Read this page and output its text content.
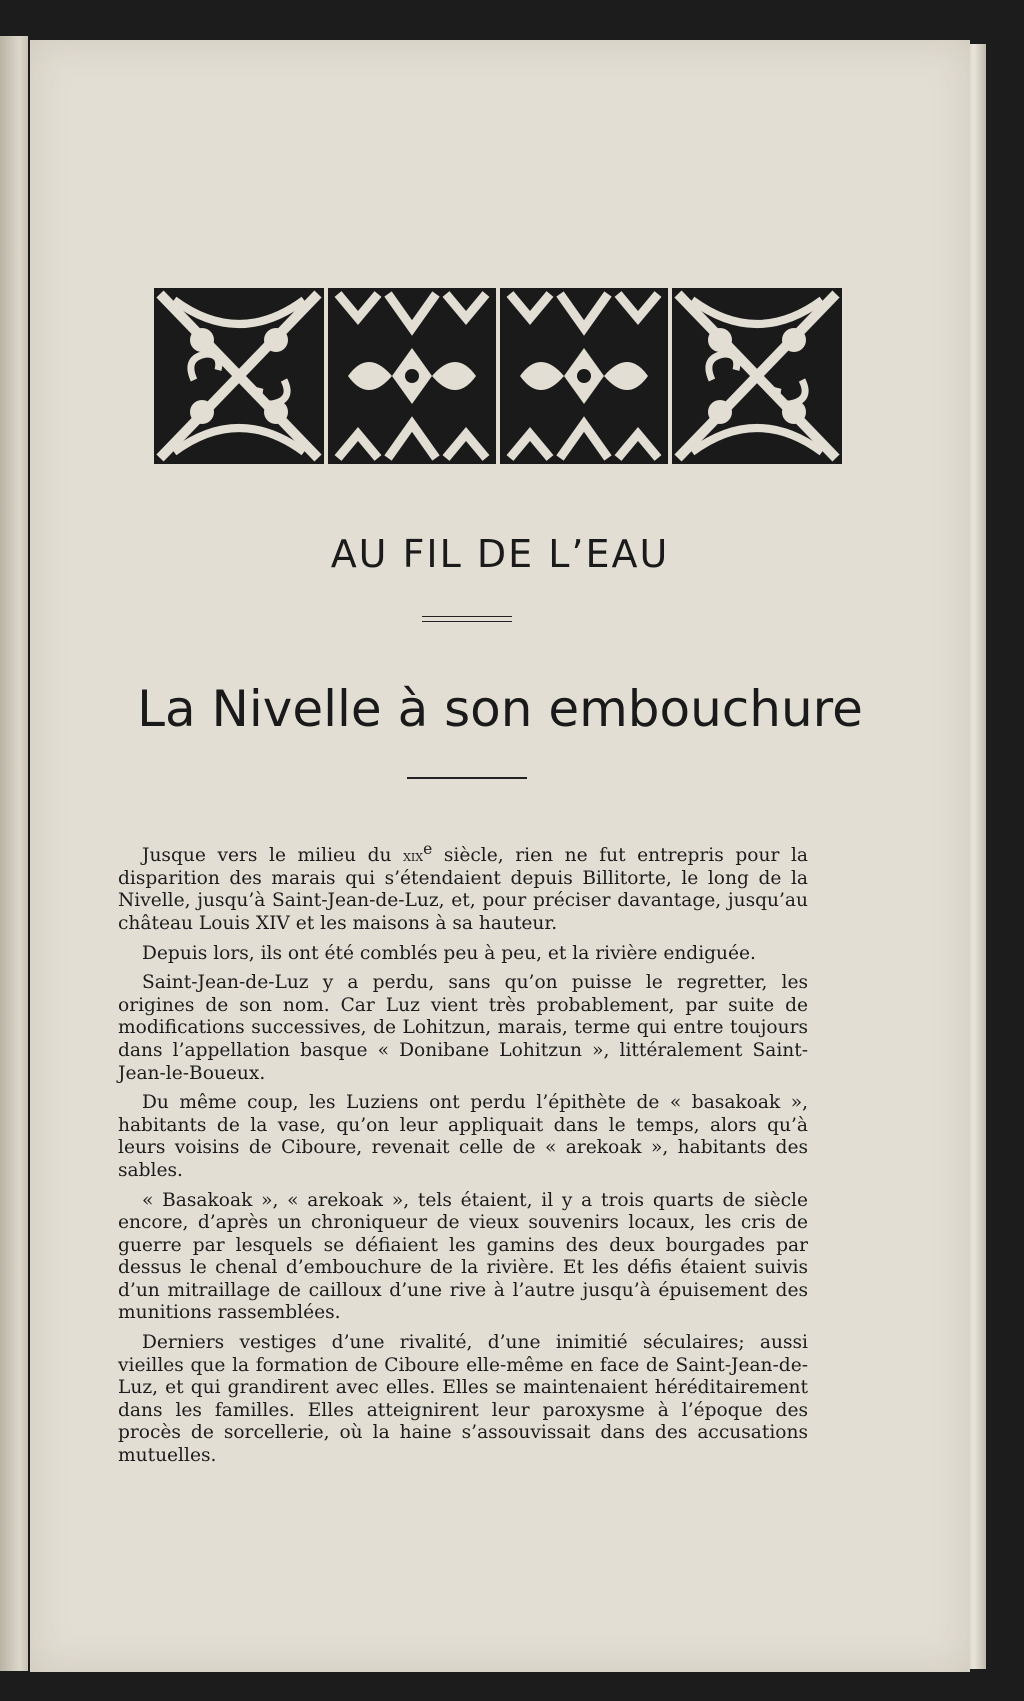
AU FIL DE L’EAU
La Nivelle à son embouchure

Jusque vers le milieu du xix$^e$ siècle, rien ne fut entrepris pour la disparition des marais qui s’étendaient depuis Billitorte, le long de la Nivelle, jusqu’à Saint-Jean-de-Luz, et, pour préciser davantage, jusqu’au château Louis XIV et les maisons à sa hauteur.

Depuis lors, ils ont été comblés peu à peu, et la rivière endiguée.

Saint-Jean-de-Luz y a perdu, sans qu’on puisse le regretter, les origines de son nom. Car Luz vient très probablement, par suite de modifications successives, de Lohitzun, marais, terme qui entre toujours dans l’appellation basque « Donibane Lohitzun », littéralement Saint-Jean-le-Boueux.

Du même coup, les Luziens ont perdu l’épithète de « basakoak », habitants de la vase, qu’on leur appliquait dans le temps, alors qu’à leurs voisins de Ciboure, revenait celle de « arekoak », habitants des sables.

« Basakoak », « arekoak », tels étaient, il y a trois quarts de siècle encore, d’après un chroniqueur de vieux souvenirs locaux, les cris de guerre par lesquels se défiaient les gamins des deux bourgades par dessus le chenal d’embouchure de la rivière. Et les défis étaient suivis d’un mitraillage de cailloux d’une rive à l’autre jusqu’à épuisement des munitions rassemblées.

Derniers vestiges d’une rivalité, d’une inimitié séculaires; aussi vieilles que la formation de Ciboure elle-même en face de Saint-Jean-de-Luz, et qui grandirent avec elles. Elles se maintenaient héréditairement dans les familles. Elles atteignirent leur paroxysme à l’époque des procès de sorcellerie, où la haine s’assouvissait dans des accusations mutuelles.
